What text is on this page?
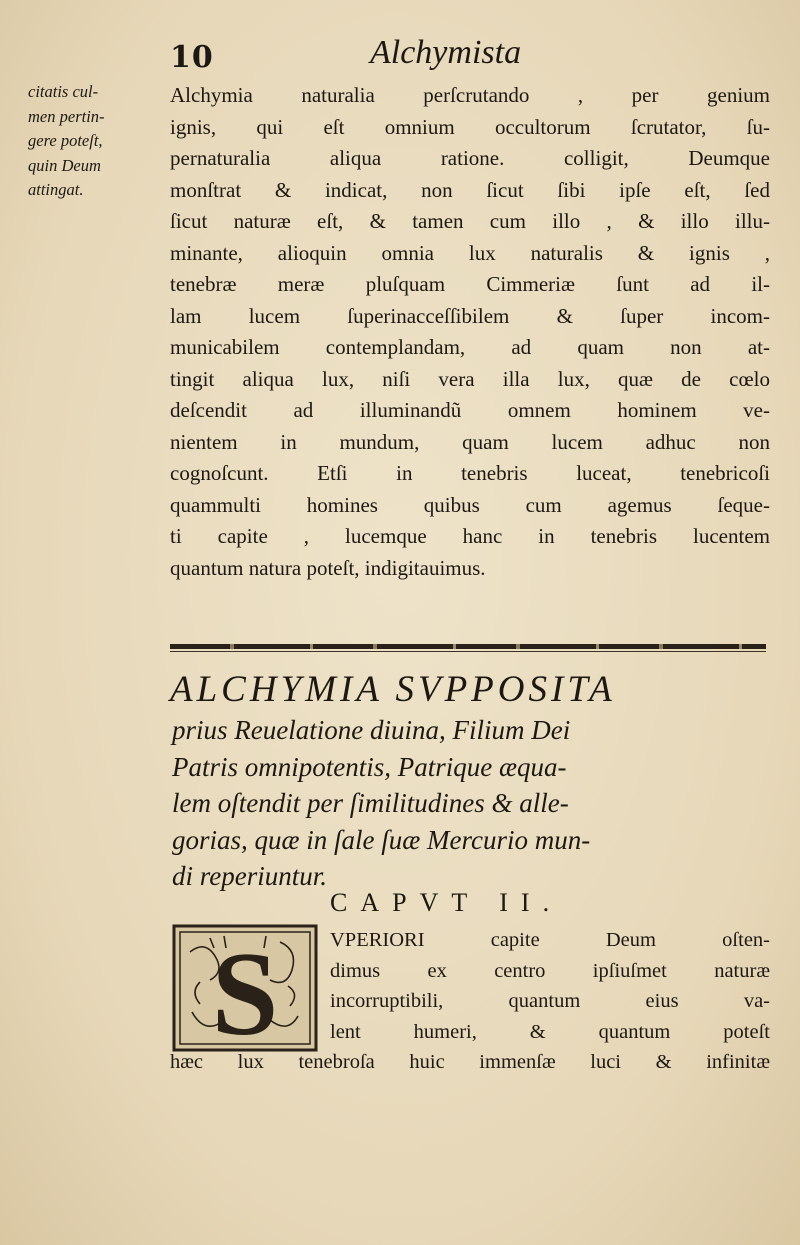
10	Alchymista
citatis cul-
men pertin-
gere poteſt,
quin Deum
attingat.
Alchymia naturalia perſcrutando , per genium
ignis, qui eſt omnium occultorum ſcrutator, ſu-
pernaturalia aliqua ratione. colligit, Deumque
monſtrat & indicat, non ſicut ſibi ipſe eſt, ſed
ſicut naturæ eſt, & tamen cum illo , & illo illu-
minante, alioquin omnia lux naturalis & ignis ,
tenebræ meræ pluſquam Cimmeriæ ſunt ad il-
lam lucem ſuperinacceſſibilem & ſuper incom-
municabilem contemplandam, ad quam non at-
tingit aliqua lux, niſi vera illa lux, quæ de cœlo
deſcendit ad illuminandũ omnem hominem ve-
nientem in mundum, quam lucem adhuc non
cognoſcunt. Etſi in tenebris luceat, tenebricoſi
quammulti homines quibus cum agemus ſeque-
ti capite , lucemque hanc in tenebris lucentem
quantum natura poteſt, indigitauimus.
ALCHYMIA SVPPOSITA
prius Reuelatione diuina, Filium Dei
Patris omnipotentis, Patrique æqua-
lem oſtendit per ſimilitudines & alle-
gorias, quæ in ſale ſuæ Mercurio mun-
di reperiuntur.
CAPVT II.
S	VPERIORI capite Deum oſten-
dimus ex centro ipſiuſmet naturæ
incorruptibili, quantum eius va-
lent humeri, & quantum poteſt
hæc lux tenebroſa huic immenſæ luci & infinitæ
